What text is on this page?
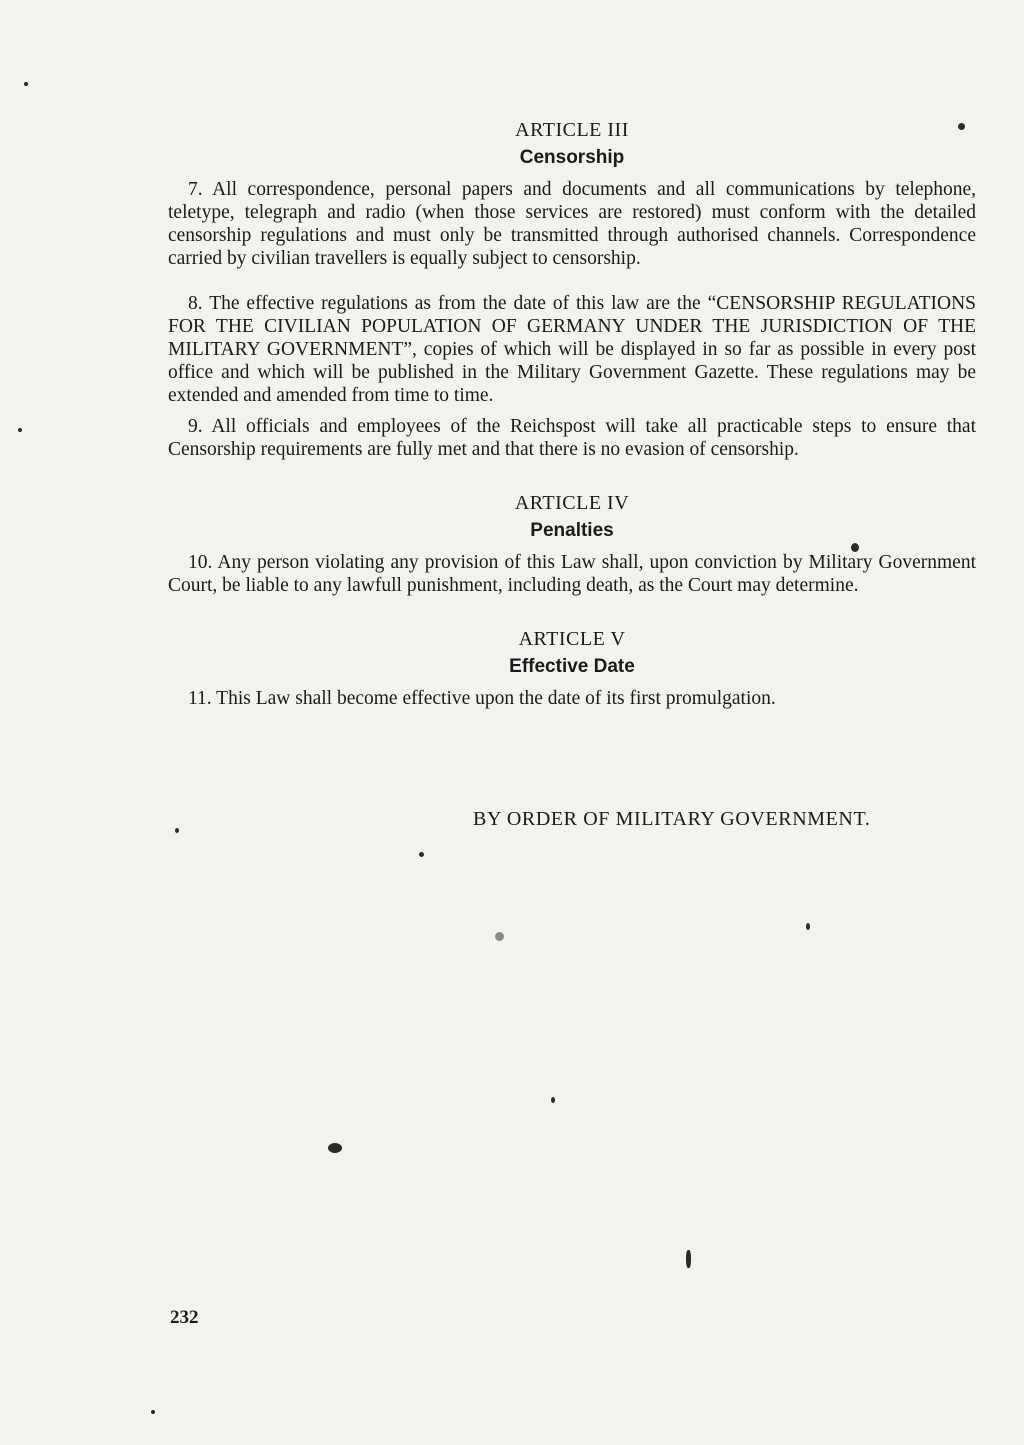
ARTICLE III

Censorship

7. All correspondence, personal papers and documents and all communications by telephone, teletype, telegraph and radio (when those services are restored) must conform with the detailed censorship regulations and must only be transmitted through authorised channels. Correspondence carried by civilian travellers is equally subject to censorship.

8. The effective regulations as from the date of this law are the “CENSORSHIP REGULATIONS FOR THE CIVILIAN POPULATION OF GERMANY UNDER THE JURISDICTION OF THE MILITARY GOVERNMENT”, copies of which will be displayed in so far as possible in every post office and which will be published in the Military Government Gazette. These regulations may be extended and amended from time to time.

9. All officials and employees of the Reichspost will take all practicable steps to ensure that Censorship requirements are fully met and that there is no evasion of censorship.

ARTICLE IV

Penalties

10. Any person violating any provision of this Law shall, upon conviction by Military Government Court, be liable to any lawfull punishment, including death, as the Court may determine.

ARTICLE V

Effective Date

11. This Law shall become effective upon the date of its first promulgation.

BY ORDER OF MILITARY GOVERNMENT.
232
